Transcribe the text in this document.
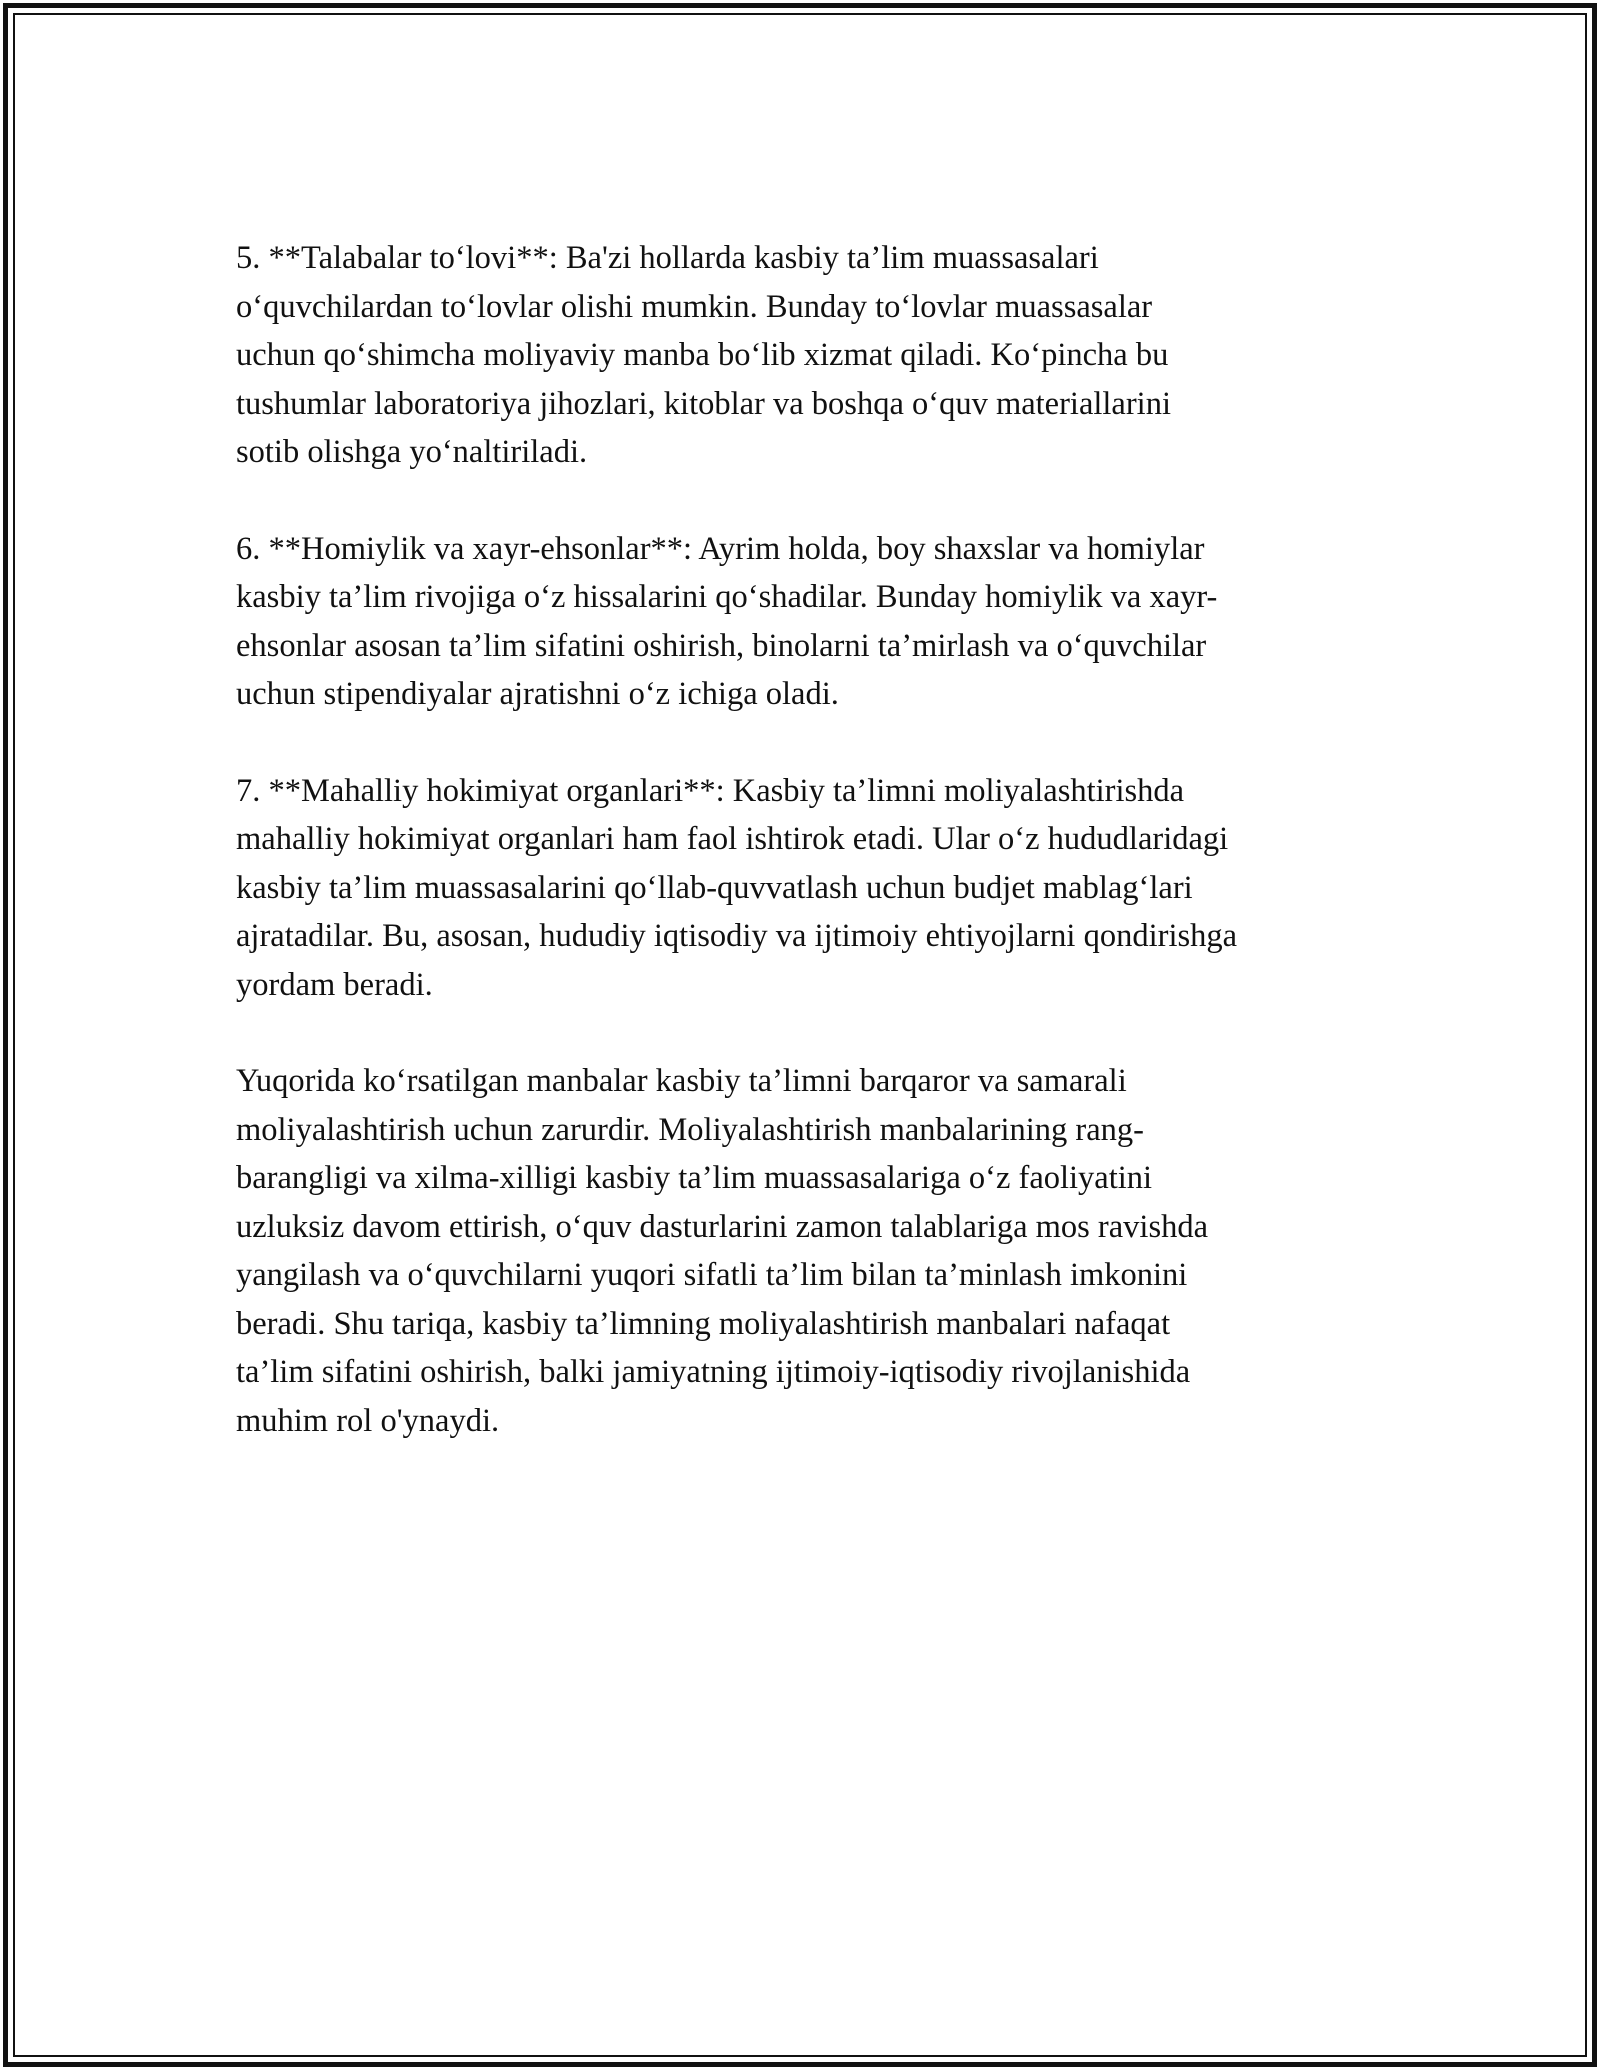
5. **Talabalar to‘lovi**: Ba'zi hollarda kasbiy ta’lim muassasalari
o‘quvchilardan to‘lovlar olishi mumkin. Bunday to‘lovlar muassasalar
uchun qo‘shimcha moliyaviy manba bo‘lib xizmat qiladi. Ko‘pincha bu
tushumlar laboratoriya jihozlari, kitoblar va boshqa o‘quv materiallarini
sotib olishga yo‘naltiriladi.

6. **Homiylik va xayr-ehsonlar**: Ayrim holda, boy shaxslar va homiylar
kasbiy ta’lim rivojiga o‘z hissalarini qo‘shadilar. Bunday homiylik va xayr-
ehsonlar asosan ta’lim sifatini oshirish, binolarni ta’mirlash va o‘quvchilar
uchun stipendiyalar ajratishni o‘z ichiga oladi.

7. **Mahalliy hokimiyat organlari**: Kasbiy ta’limni moliyalashtirishda
mahalliy hokimiyat organlari ham faol ishtirok etadi. Ular o‘z hududlaridagi
kasbiy ta’lim muassasalarini qo‘llab-quvvatlash uchun budjet mablag‘lari
ajratadilar. Bu, asosan, hududiy iqtisodiy va ijtimoiy ehtiyojlarni qondirishga
yordam beradi.

Yuqorida ko‘rsatilgan manbalar kasbiy ta’limni barqaror va samarali
moliyalashtirish uchun zarurdir. Moliyalashtirish manbalarining rang-
barangligi va xilma-xilligi kasbiy ta’lim muassasalariga o‘z faoliyatini
uzluksiz davom ettirish, o‘quv dasturlarini zamon talablariga mos ravishda
yangilash va o‘quvchilarni yuqori sifatli ta’lim bilan ta’minlash imkonini
beradi. Shu tariqa, kasbiy ta’limning moliyalashtirish manbalari nafaqat
ta’lim sifatini oshirish, balki jamiyatning ijtimoiy-iqtisodiy rivojlanishida
muhim rol o'ynaydi.
